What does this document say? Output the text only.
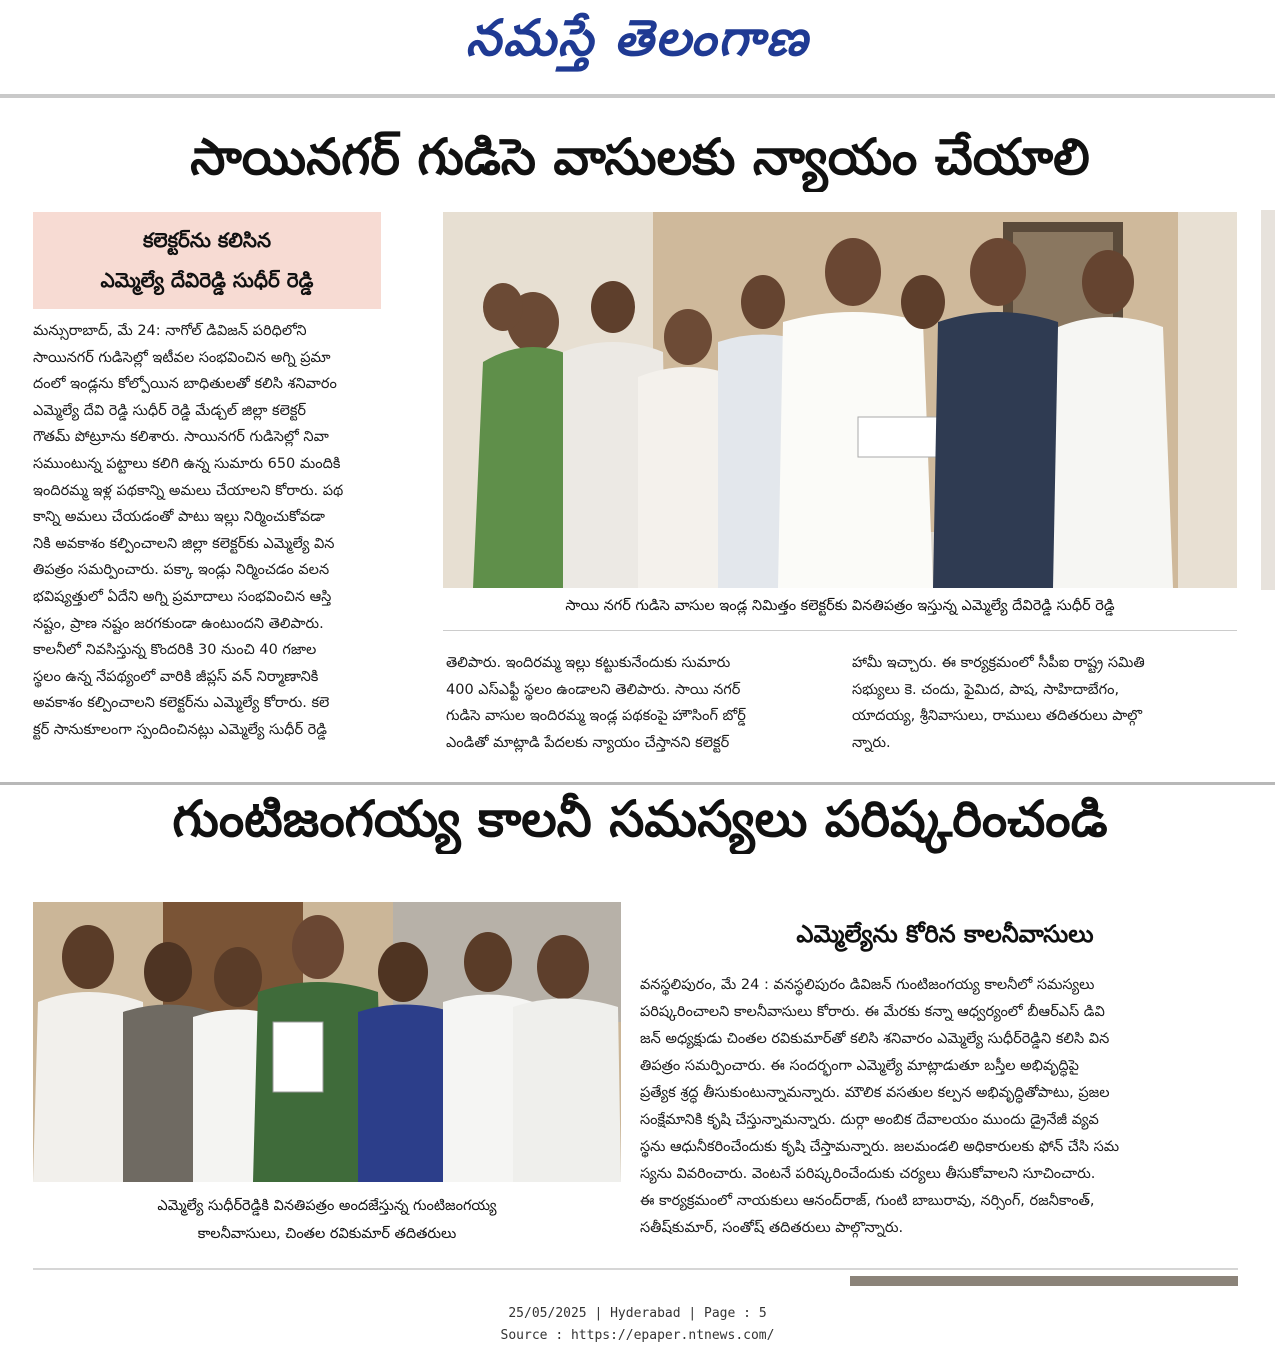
నమస్తే తెలంగాణ
సాయినగర్ గుడిసె వాసులకు న్యాయం చేయాలి
కలెక్టర్‌ను కలిసిన
ఎమ్మెల్యే దేవిరెడ్డి సుధీర్ రెడ్డి
మన్సురాబాద్, మే 24: నాగోల్ డివిజన్ పరిధిలోని
సాయినగర్ గుడిసెల్లో ఇటీవల సంభవించిన అగ్ని ప్రమా
దంలో ఇండ్లను కోల్పోయిన బాధితులతో కలిసి శనివారం
ఎమ్మెల్యే దేవి రెడ్డి సుధీర్ రెడ్డి మేడ్చల్ జిల్లా కలెక్టర్
గౌతమ్ పోట్రూను కలిశారు. సాయినగర్ గుడిసెల్లో నివా
సముంటున్న పట్టాలు కలిగి ఉన్న సుమారు 650 మందికి
ఇందిరమ్మ ఇళ్ల పథకాన్ని అమలు చేయాలని కోరారు. పథ
కాన్ని అమలు చేయడంతో పాటు ఇల్లు నిర్మించుకోవడా
నికి అవకాశం కల్పించాలని జిల్లా కలెక్టర్‌కు ఎమ్మెల్యే విన
తిపత్రం సమర్పించారు. పక్కా ఇండ్లు నిర్మించడం వలన
భవిష్యత్తులో ఏదేని అగ్ని ప్రమాదాలు సంభవించిన ఆస్తి
నష్టం, ప్రాణ నష్టం జరగకుండా ఉంటుందని తెలిపారు.
కాలనీలో నివసిస్తున్న కొందరికి 30 నుంచి 40 గజాల
స్థలం ఉన్న నేపథ్యంలో వారికి జీప్లస్ వన్ నిర్మాణానికి
అవకాశం కల్పించాలని కలెక్టర్‌ను ఎమ్మెల్యే కోరారు. కలె
క్టర్ సానుకూలంగా స్పందించినట్లు ఎమ్మెల్యే సుధీర్ రెడ్డి
సాయి నగర్ గుడిసె వాసుల ఇండ్ల నిమిత్తం కలెక్టర్‌కు వినతిపత్రం ఇస్తున్న ఎమ్మెల్యే దేవిరెడ్డి సుధీర్ రెడ్డి
తెలిపారు. ఇందిరమ్మ ఇల్లు కట్టుకునేందుకు సుమారు
400 ఎస్ఎఫ్టీ స్థలం ఉండాలని తెలిపారు. సాయి నగర్
గుడిసె వాసుల ఇందిరమ్మ ఇండ్ల పథకంపై హౌసింగ్ బోర్డ్
ఎండితో మాట్లాడి పేదలకు న్యాయం చేస్తానని కలెక్టర్
హామీ ఇచ్చారు. ఈ కార్యక్రమంలో సీపీఐ రాష్ట్ర సమితి
సభ్యులు కె. చందు, ఫైమిద, పాష, సాహిదాబేగం,
యాదయ్య, శ్రీనివాసులు, రాములు తదితరులు పాల్గొ
న్నారు.
గుంటిజంగయ్య కాలనీ సమస్యలు పరిష్కరించండి
ఎమ్మెల్యే సుధీర్‌రెడ్డికి వినతిపత్రం అందజేస్తున్న గుంటిజంగయ్య
కాలనీవాసులు, చింతల రవికుమార్ తదితరులు
ఎమ్మెల్యేను కోరిన కాలనీవాసులు
వనస్థలిపురం, మే 24 : వనస్థలిపురం డివిజన్ గుంటిజంగయ్య కాలనీలో సమస్యలు
పరిష్కరించాలని కాలనీవాసులు కోరారు. ఈ మేరకు కన్నా ఆధ్వర్యంలో బీఆర్ఎస్ డివి
జన్ అధ్యక్షుడు చింతల రవికుమార్‌తో కలిసి శనివారం ఎమ్మెల్యే సుధీర్‌రెడ్డిని కలిసి విన
తిపత్రం సమర్పించారు. ఈ సందర్భంగా ఎమ్మెల్యే మాట్లాడుతూ బస్తీల అభివృద్ధిపై
ప్రత్యేక శ్రద్ధ తీసుకుంటున్నామన్నారు. మౌలిక వసతుల కల్పన అభివృద్ధితోపాటు, ప్రజల
సంక్షేమానికి కృషి చేస్తున్నామన్నారు. దుర్గా అంబిక దేవాలయం ముందు డ్రైనేజీ వ్యవ
స్థను ఆధునీకరించేందుకు కృషి చేస్తామన్నారు. జలమండలి అధికారులకు ఫోన్ చేసి సమ
స్యను వివరించారు. వెంటనే పరిష్కరించేందుకు చర్యలు తీసుకోవాలని సూచించారు.
ఈ కార్యక్రమంలో నాయకులు ఆనంద్‌రాజ్, గుంటి బాబురావు, నర్సింగ్, రజనీకాంత్,
సతీష్‌కుమార్, సంతోష్ తదితరులు పాల్గొన్నారు.
25/05/2025 | Hyderabad | Page : 5
Source : https://epaper.ntnews.com/
